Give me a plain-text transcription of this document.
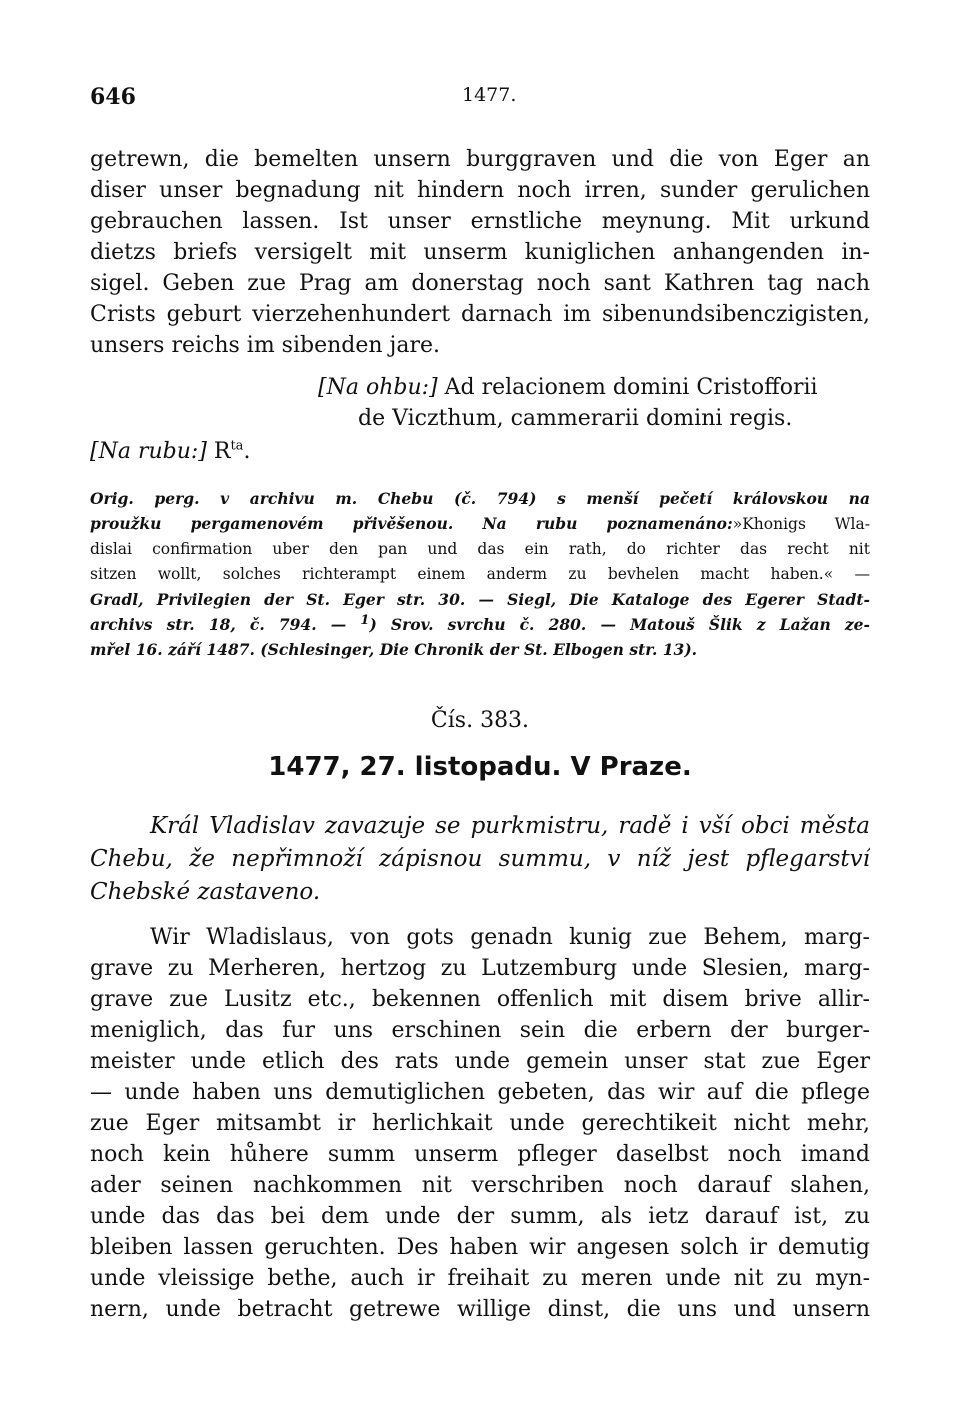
646	1477.
getrewn, die bemelten unsern burggraven und die von Eger an
diser unser begnadung nit hindern noch irren, sunder gerulichen
gebrauchen lassen. Ist unser ernstliche meynung. Mit urkund
dietzs briefs versigelt mit unserm kuniglichen anhangenden in-
sigel. Geben zue Prag am donerstag noch sant Kathren tag nach
Crists geburt vierzehenhundert darnach im sibenundsibenczigisten,
unsers reichs im sibenden jare.
[Na ohbu:] Ad relacionem domini Cristofforii
de Viczthum, cammerarii domini regis.
[Na rubu:] $R^{ta}$.
Orig. perg. v archivu m. Chebu (č. 794) s menší pečetí královskou na
proužku pergamenovém přivěšenou. Na rubu poznamenáno:»Khonigs Wla-
dislai confirmation uber den pan und das ein rath, do richter das recht nit
sitzen wollt, solches richterampt einem anderm zu bevhelen macht haben.« —
Gradl, Privilegien der St. Eger str. 30. — Siegl, Die Kataloge des Egerer Stadt-
archivs str. 18, č. 794. — $^1$) Srov. svrchu č. 280. — Matouš Šlik z Lažan ze-
mřel 16. září 1487. (Schlesinger, Die Chronik der St. Elbogen str. 13).
Čís. 383.
1477, 27. listopadu. V Praze.
Král Vladislav zavazuje se purkmistru, radě i vší obci města
Chebu, že nepřimnoží zápisnou summu, v níž jest pflegarství
Chebské zastaveno.
Wir Wladislaus, von gots genadn kunig zue Behem, marg-
grave zu Merheren, hertzog zu Lutzemburg unde Slesien, marg-
grave zue Lusitz etc., bekennen offenlich mit disem brive allir-
meniglich, das fur uns erschinen sein die erbern der burger-
meister unde etlich des rats unde gemein unser stat zue Eger
— unde haben uns demutiglichen gebeten, das wir auf die pflege
zue Eger mitsambt ir herlichkait unde gerechtikeit nicht mehr,
noch kein hůhere summ unserm pfleger daselbst noch imand
ader seinen nachkommen nit verschriben noch darauf slahen,
unde das das bei dem unde der summ, als ietz darauf ist, zu
bleiben lassen geruchten. Des haben wir angesen solch ir demutig
unde vleissige bethe, auch ir freihait zu meren unde nit zu myn-
nern, unde betracht getrewe willige dinst, die uns und unsern
